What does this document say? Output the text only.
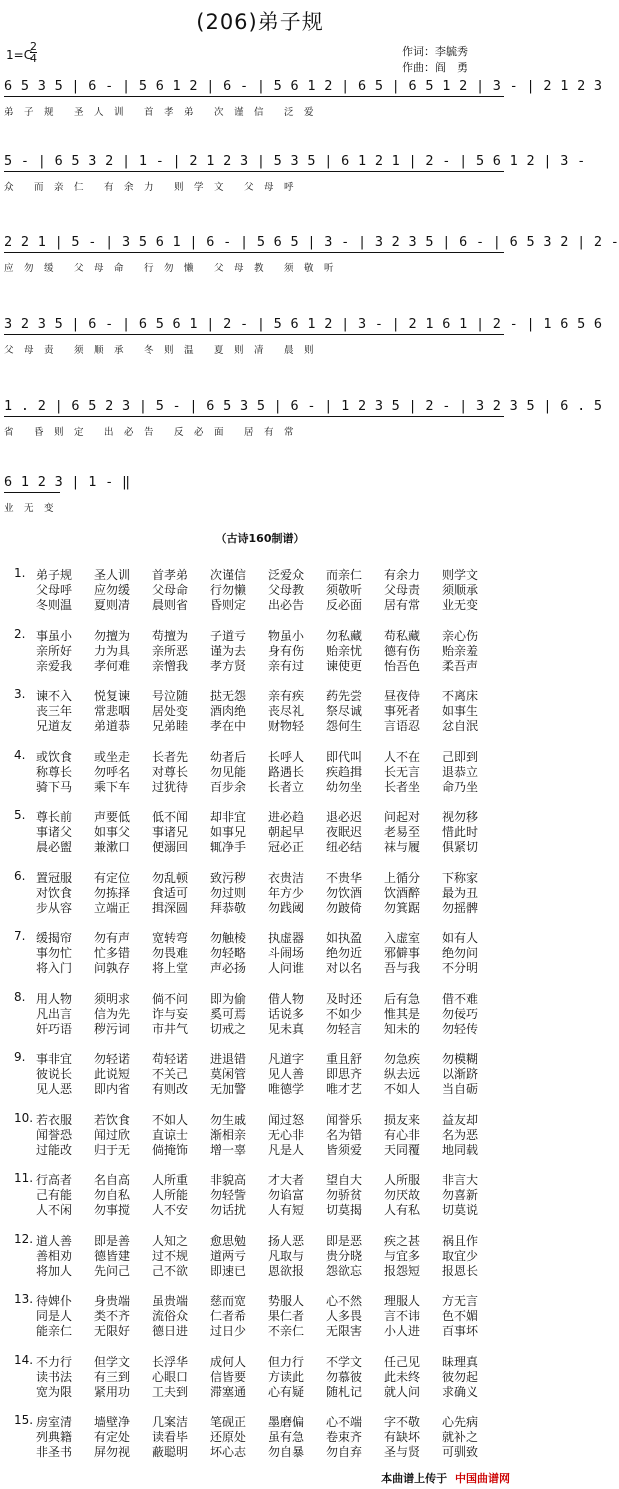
(206)弟子规
1=C
$\frac{2}{4}$	作词：李毓秀
作曲：阎　勇
6 5 3 5 | 6 - | 5 6 1 2 | 6 - | 5 6 1 2 | 6 5 | 6 5 1 2 | 3 - | 2 1 2 3
弟　子　规　　圣　人　训　　首　孝　弟　　次　谨　信　　泛　爱
5 - | 6 5 3 2 | 1 - | 2 1 2 3 | 5 3 5 | 6 1 2 1 | 2 - | 5 6 1 2 | 3 -
众　　而　亲　仁　　有　余　力　　则　学　文　　父　母　呼
2 2 1 | 5 - | 3 5 6 1 | 6 - | 5 6 5 | 3 - | 3 2 3 5 | 6 - | 6 5 3 2 | 2 -
应　勿　缓　　父　母　命　　行　勿　懒　　父　母　教　　须　敬　听
3 2 3 5 | 6 - | 6 5 6 1 | 2 - | 5 6 1 2 | 3 - | 2 1 6 1 | 2 - | 1 6 5 6
父　母　责　　须　顺　承　　冬　则　温　　夏　则　凊　　晨　则
1 . 2 | 6 5 2 3 | 5 - | 6 5 3 5 | 6 - | 1 2 3 5 | 2 - | 3 2 3 5 | 6 . 5
省　　昏　则　定　　出　必　告　　反　必　面　　居　有　常
6 1 2 3 | 1 - ‖
业　无　变
（古诗160制谱）
1. 弟子规 圣人训 首孝弟 次谨信 泛爱众 而亲仁 有余力 则学文
父母呼 应勿缓 父母命 行勿懒 父母教 须敬听 父母责 须顺承
冬则温 夏则凊 晨则省 昏则定 出必告 反必面 居有常 业无变
2. 事虽小 勿擅为 苟擅为 子道亏 物虽小 勿私藏 苟私藏 亲心伤
亲所好 力为具 亲所恶 谨为去 身有伤 贻亲忧 德有伤 贻亲羞
亲爱我 孝何难 亲憎我 孝方贤 亲有过 谏使更 怡吾色 柔吾声
3. 谏不入 悦复谏 号泣随 挞无怨 亲有疾 药先尝 昼夜侍 不离床
丧三年 常悲咽 居处变 酒肉绝 丧尽礼 祭尽诚 事死者 如事生
兄道友 弟道恭 兄弟睦 孝在中 财物轻 怨何生 言语忍 忿自泯
4. 或饮食 或坐走 长者先 幼者后 长呼人 即代叫 人不在 己即到
称尊长 勿呼名 对尊长 勿见能 路遇长 疾趋揖 长无言 退恭立
骑下马 乘下车 过犹待 百步余 长者立 幼勿坐 长者坐 命乃坐
5. 尊长前 声要低 低不闻 却非宜 进必趋 退必迟 问起对 视勿移
事诸父 如事父 事诸兄 如事兄 朝起早 夜眠迟 老易至 惜此时
晨必盥 兼漱口 便溺回 辄净手 冠必正 纽必结 袜与履 俱紧切
6. 置冠服 有定位 勿乱顿 致污秽 衣贵洁 不贵华 上循分 下称家
对饮食 勿拣择 食适可 勿过则 年方少 勿饮酒 饮酒醉 最为丑
步从容 立端正 揖深圆 拜恭敬 勿践阈 勿跛倚 勿箕踞 勿摇髀
7. 缓揭帘 勿有声 宽转弯 勿触棱 执虚器 如执盈 入虚室 如有人
事勿忙 忙多错 勿畏难 勿轻略 斗闹场 绝勿近 邪僻事 绝勿问
将入门 问孰存 将上堂 声必扬 人问谁 对以名 吾与我 不分明
8. 用人物 须明求 倘不问 即为偷 借人物 及时还 后有急 借不难
凡出言 信为先 诈与妄 奚可焉 话说多 不如少 惟其是 勿佞巧
奸巧语 秽污词 市井气 切戒之 见未真 勿轻言 知未的 勿轻传
9. 事非宜 勿轻诺 苟轻诺 进退错 凡道字 重且舒 勿急疾 勿模糊
彼说长 此说短 不关己 莫闲管 见人善 即思齐 纵去远 以渐跻
见人恶 即内省 有则改 无加警 唯德学 唯才艺 不如人 当自砺
10. 若衣服 若饮食 不如人 勿生戚 闻过怒 闻誉乐 损友来 益友却
闻誉恐 闻过欣 直谅士 渐相亲 无心非 名为错 有心非 名为恶
过能改 归于无 倘掩饰 增一辜 凡是人 皆须爱 天同覆 地同载
11. 行高者 名自高 人所重 非貌高 才大者 望自大 人所服 非言大
己有能 勿自私 人所能 勿轻訾 勿谄富 勿骄贫 勿厌故 勿喜新
人不闲 勿事搅 人不安 勿话扰 人有短 切莫揭 人有私 切莫说
12. 道人善 即是善 人知之 愈思勉 扬人恶 即是恶 疾之甚 祸且作
善相劝 德皆建 过不规 道两亏 凡取与 贵分晓 与宜多 取宜少
将加人 先问己 己不欲 即速已 恩欲报 怨欲忘 报怨短 报恩长
13. 待婢仆 身贵端 虽贵端 慈而宽 势服人 心不然 理服人 方无言
同是人 类不齐 流俗众 仁者希 果仁者 人多畏 言不讳 色不媚
能亲仁 无限好 德日进 过日少 不亲仁 无限害 小人进 百事坏
14. 不力行 但学文 长浮华 成何人 但力行 不学文 任己见 昧理真
读书法 有三到 心眼口 信皆要 方读此 勿慕彼 此未终 彼勿起
宽为限 紧用功 工夫到 滞塞通 心有疑 随札记 就人问 求确义
15. 房室清 墙壁净 几案洁 笔砚正 墨磨偏 心不端 字不敬 心先病
列典籍 有定处 读看毕 还原处 虽有急 卷束齐 有缺坏 就补之
非圣书 屏勿视 蔽聪明 坏心志 勿自暴 勿自弃 圣与贤 可驯致
本曲谱上传于 中国曲谱网
